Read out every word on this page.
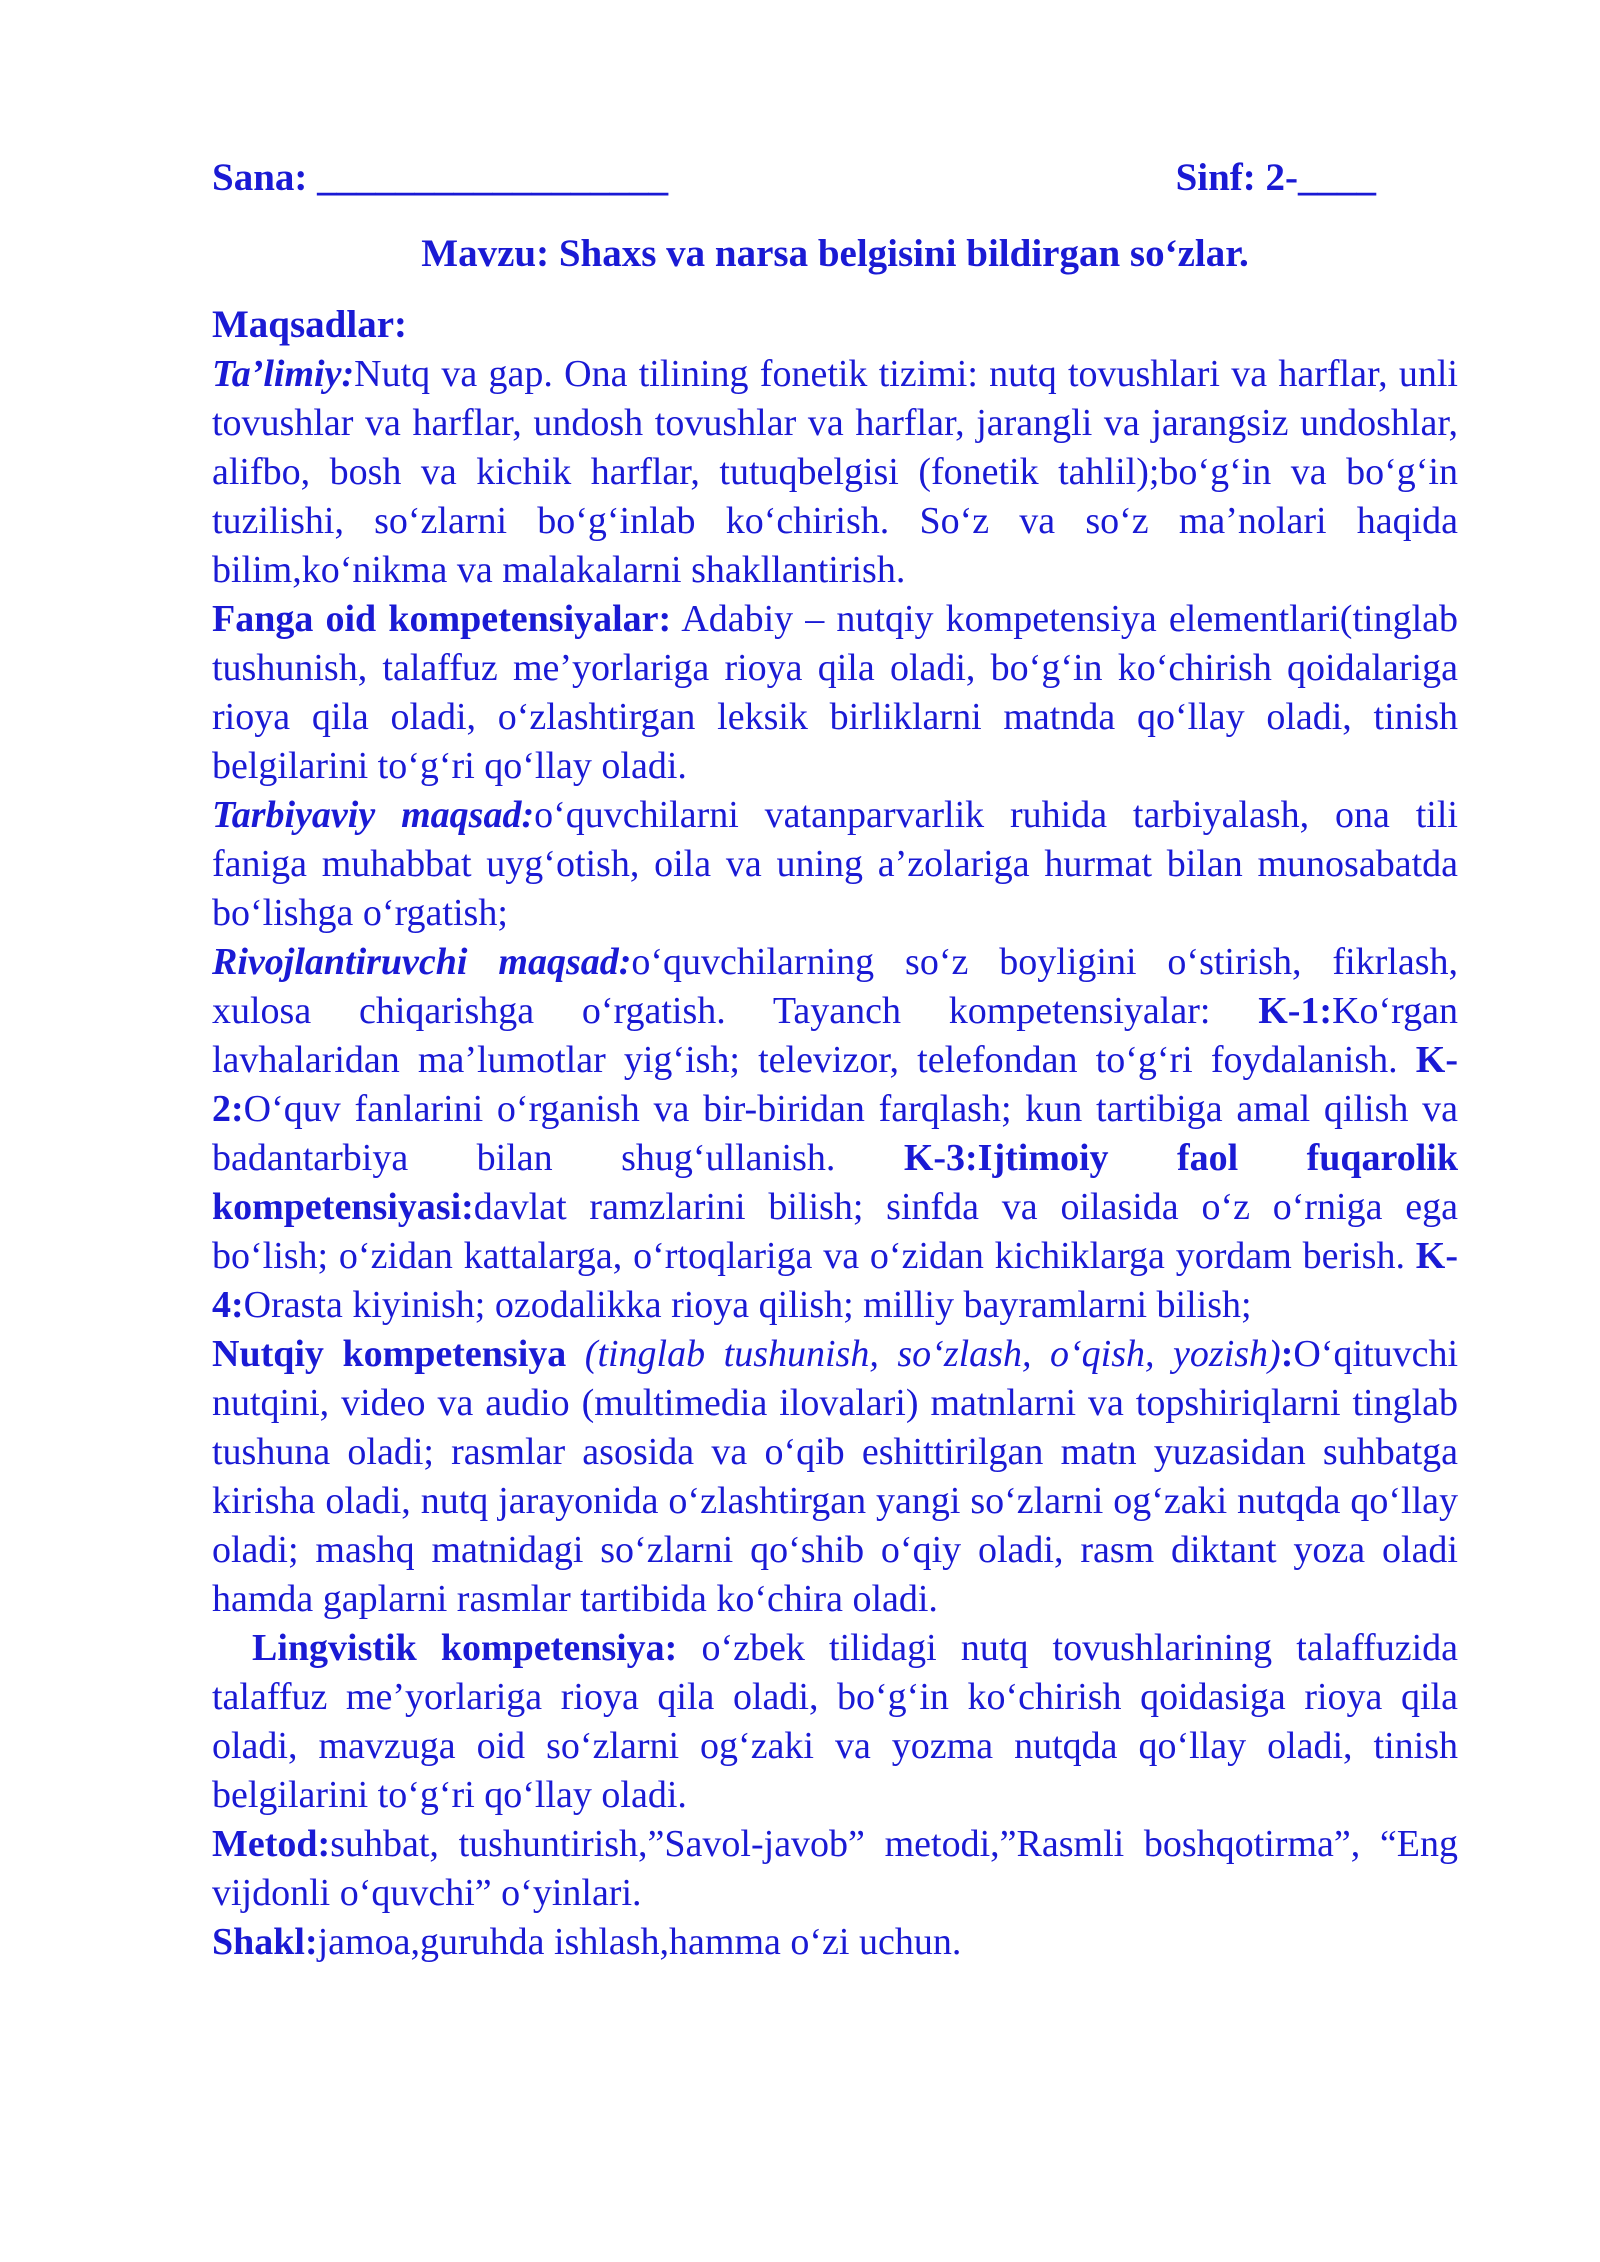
Sana: __________________	Sinf: 2-____
Mavzu: Shaxs va narsa belgisini bildirgan so‘zlar.
Maqsadlar:

Ta’limiy:Nutq va gap. Ona tilining fonetik tizimi: nutq tovushlari va harflar, unli tovushlar va harflar, undosh tovushlar va harflar, jarangli va jarangsiz undoshlar, alifbo, bosh va kichik harflar, tutuqbelgisi (fonetik tahlil);bo‘g‘in va bo‘g‘in tuzilishi, so‘zlarni bo‘g‘inlab ko‘chirish. So‘z va so‘z ma’nolari haqida bilim,ko‘nikma va malakalarni shakllantirish.

Fanga oid kompetensiyalar: Adabiy – nutqiy kompetensiya elementlari(tinglab tushunish, talaffuz me’yorlariga rioya qila oladi, bo‘g‘in ko‘chirish qoidalariga rioya qila oladi, o‘zlashtirgan leksik birliklarni matnda qo‘llay oladi, tinish belgilarini to‘g‘ri qo‘llay oladi.

Tarbiyaviy maqsad:o‘quvchilarni vatanparvarlik ruhida tarbiyalash, ona tili faniga muhabbat uyg‘otish, oila va uning a’zolariga hurmat bilan munosabatda bo‘lishga o‘rgatish;

Rivojlantiruvchi maqsad:o‘quvchilarning so‘z boyligini o‘stirish, fikrlash, xulosa chiqarishga o‘rgatish. Tayanch kompetensiyalar: K-1:Ko‘rgan lavhalaridan ma’lumotlar yig‘ish; televizor, telefondan to‘g‘ri foydalanish. K-2:O‘quv fanlarini o‘rganish va bir-biridan farqlash; kun tartibiga amal qilish va badantarbiya bilan shug‘ullanish. K-3:Ijtimoiy faol fuqarolik kompetensiyasi:davlat ramzlarini bilish; sinfda va oilasida o‘z o‘rniga ega bo‘lish; o‘zidan kattalarga, o‘rtoqlariga va o‘zidan kichiklarga yordam berish. K-4:Orasta kiyinish; ozodalikka rioya qilish; milliy bayramlarni bilish;

Nutqiy kompetensiya (tinglab tushunish, so‘zlash, o‘qish, yozish):O‘qituvchi nutqini, video va audio (multimedia ilovalari) matnlarni va topshiriqlarni tinglab tushuna oladi; rasmlar asosida va o‘qib eshittirilgan matn yuzasidan suhbatga kirisha oladi, nutq jarayonida o‘zlashtirgan yangi so‘zlarni og‘zaki nutqda qo‘llay oladi; mashq matnidagi so‘zlarni qo‘shib o‘qiy oladi, rasm diktant yoza oladi hamda gaplarni rasmlar tartibida ko‘chira oladi.

Lingvistik kompetensiya: o‘zbek tilidagi nutq tovushlarining talaffuzida talaffuz me’yorlariga rioya qila oladi, bo‘g‘in ko‘chirish qoidasiga rioya qila oladi, mavzuga oid so‘zlarni og‘zaki va yozma nutqda qo‘llay oladi, tinish belgilarini to‘g‘ri qo‘llay oladi.

Metod:suhbat, tushuntirish,”Savol-javob” metodi,”Rasmli boshqotirma”, “Eng vijdonli o‘quvchi” o‘yinlari.

Shakl:jamoa,guruhda ishlash,hamma o‘zi uchun.
